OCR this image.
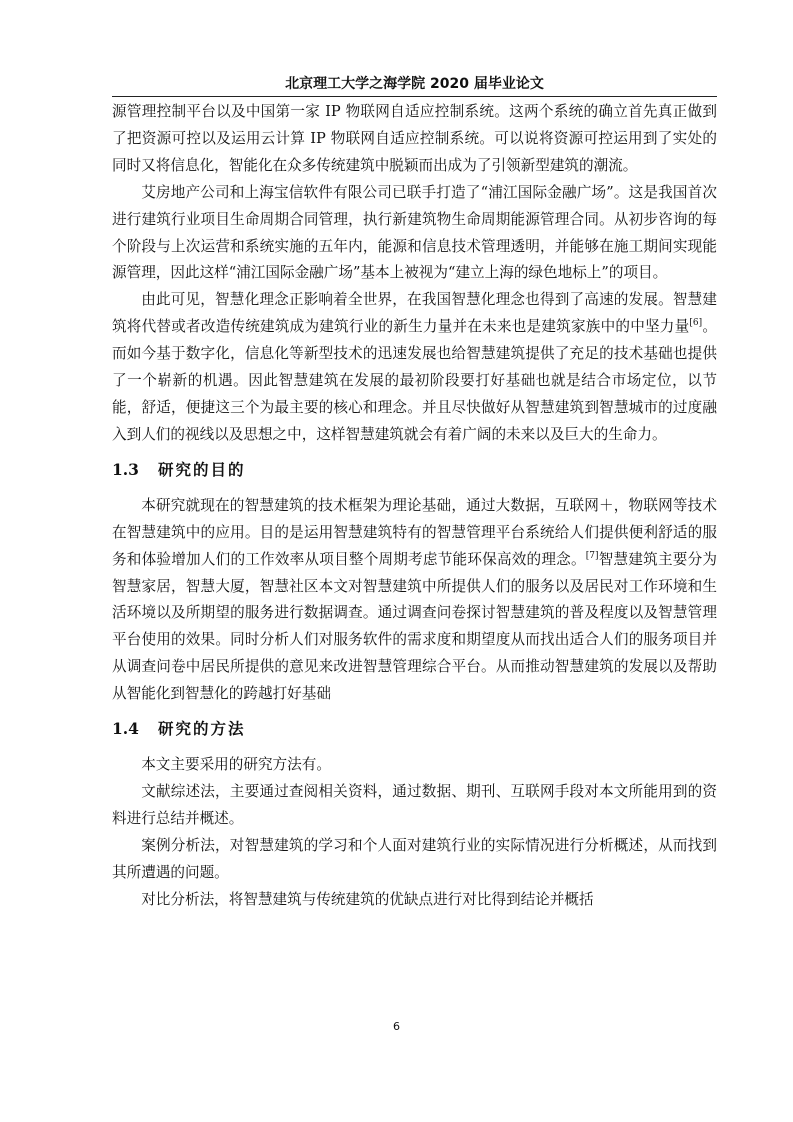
北京理工大学之海学院 2020 届毕业论文

源管理控制平台以及中国第一家 IP 物联网自适应控制系统。这两个系统的确立首先真正做到了把资源可控以及运用云计算 IP 物联网自适应控制系统。可以说将资源可控运用到了实处的同时又将信息化，智能化在众多传统建筑中脱颖而出成为了引领新型建筑的潮流。

艾房地产公司和上海宝信软件有限公司已联手打造了“浦江国际金融广场”。这是我国首次进行建筑行业项目生命周期合同管理，执行新建筑物生命周期能源管理合同。从初步咨询的每个阶段与上次运营和系统实施的五年内，能源和信息技术管理透明，并能够在施工期间实现能源管理，因此这样“浦江国际金融广场”基本上被视为“建立上海的绿色地标上”的项目。

由此可见，智慧化理念正影响着全世界，在我国智慧化理念也得到了高速的发展。智慧建筑将代替或者改造传统建筑成为建筑行业的新生力量并在未来也是建筑家族中的中坚力量[6]。而如今基于数字化，信息化等新型技术的迅速发展也给智慧建筑提供了充足的技术基础也提供了一个崭新的机遇。因此智慧建筑在发展的最初阶段要打好基础也就是结合市场定位，以节能，舒适，便捷这三个为最主要的核心和理念。并且尽快做好从智慧建筑到智慧城市的过度融入到人们的视线以及思想之中，这样智慧建筑就会有着广阔的未来以及巨大的生命力。

1.3 研究的目的

本研究就现在的智慧建筑的技术框架为理论基础，通过大数据，互联网＋，物联网等技术在智慧建筑中的应用。目的是运用智慧建筑特有的智慧管理平台系统给人们提供便利舒适的服务和体验增加人们的工作效率从项目整个周期考虑节能环保高效的理念。[7]智慧建筑主要分为智慧家居，智慧大厦，智慧社区本文对智慧建筑中所提供人们的服务以及居民对工作环境和生活环境以及所期望的服务进行数据调查。通过调查问卷探讨智慧建筑的普及程度以及智慧管理平台使用的效果。同时分析人们对服务软件的需求度和期望度从而找出适合人们的服务项目并从调查问卷中居民所提供的意见来改进智慧管理综合平台。从而推动智慧建筑的发展以及帮助从智能化到智慧化的跨越打好基础

1.4 研究的方法

本文主要采用的研究方法有。

文献综述法，主要通过查阅相关资料，通过数据、期刊、互联网手段对本文所能用到的资料进行总结并概述。

案例分析法，对智慧建筑的学习和个人面对建筑行业的实际情况进行分析概述，从而找到其所遭遇的问题。

对比分析法，将智慧建筑与传统建筑的优缺点进行对比得到结论并概括

6
